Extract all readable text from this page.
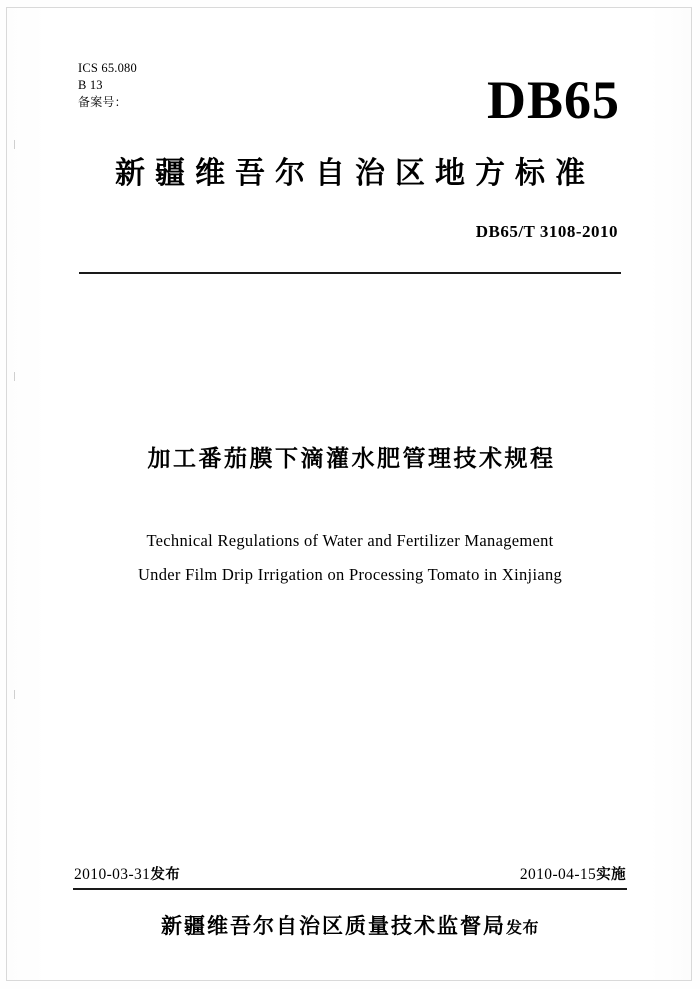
ICS 65.080
B 13
备案号：	DB65
新疆维吾尔自治区地方标准
DB65/T 3108-2010
加工番茄膜下滴灌水肥管理技术规程
Technical Regulations of Water and Fertilizer Management
Under Film Drip Irrigation on Processing Tomato in Xinjiang
2010-03-31发布	2010-04-15实施
新疆维吾尔自治区质量技术监督局发布
